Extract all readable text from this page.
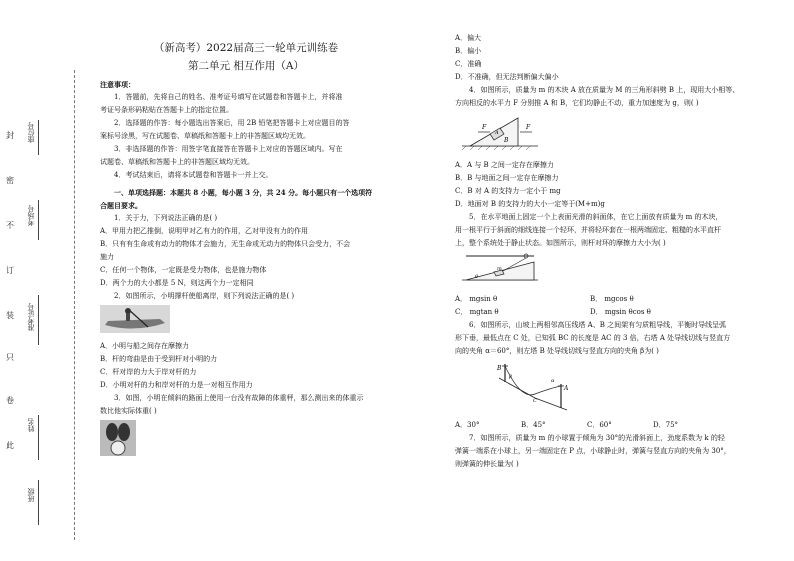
封
密
不
订
装
只
卷
此
班级
姓名
准考证号
考场号
座位号
（新高考）2022届高三一轮单元训练卷
第二单元 相互作用（A）

注意事项：

1．答题前，先将自己的姓名、准考证号填写在试题卷和答题卡上，并将准

考证号条形码粘贴在答题卡上的指定位置。

2．选择题的作答：每小题选出答案后，用 2B 铅笔把答题卡上对应题目的答

案标号涂黑，写在试题卷、草稿纸和答题卡上的非答题区域均无效。

3．非选择题的作答：用签字笔直接答在答题卡上对应的答题区域内。写在

试题卷、草稿纸和答题卡上的非答题区域均无效。

4．考试结束后，请将本试题卷和答题卡一并上交。

一、单项选择题：本题共 8 小题，每小题 3 分，共 24 分。每小题只有一个选项符

合题目要求。

1．关于力，下列说法正确的是( )

A．甲用力把乙推倒，说明甲对乙有力的作用，乙对甲没有力的作用

B．只有有生命或有动力的物体才会施力，无生命或无动力的物体只会受力，不会

施力

C．任何一个物体，一定既是受力物体，也是施力物体

D．两个力的大小都是 5 N，则这两个力一定相同

2．如图所示，小明撑杆使船离岸，则下列说法正确的是( )

A．小明与船之间存在摩擦力

B．杆的弯曲是由于受到杆对小明的力

C．杆对岸的力大于岸对杆的力

D．小明对杆的力和岸对杆的力是一对相互作用力

3．如图，小明在倾斜的路面上使用一台没有故障的体重秤，那么测出来的体重示

数比他实际体重( )

A．偏大

B．偏小

C．准确

D．不准确，但无法判断偏大偏小

4．如图所示，质量为 m 的木块 A 放在质量为 M 的三角形斜劈 B 上，现用大小相等、

方向相反的水平力 F 分别推 A 和 B，它们均静止不动，重力加速度为 g，则( )

F
A
B
F

A．A 与 B 之间一定存在摩擦力

B．B 与地面之间一定存在摩擦力

C．B 对 A 的支持力一定小于 mg

D．地面对 B 的支持力的大小一定等于(M+m)g

5．在水平地面上固定一个上表面光滑的斜面体，在它上面放有质量为 m 的木块，

用一根平行于斜面的细线连接一个轻环，并将轻环套在一根两端固定、粗糙的水平直杆

上，整个系统处于静止状态。如图所示，则杆对环的摩擦力大小为( )

m
θ
A． mgsin θ	B． mgcos θ
C． mgtan θ	D． mgsin θcos θ

6．如图所示，山坡上两相邻高压线塔 A、B 之间架有匀质粗导线，平衡时导线呈弧

形下垂，最低点在 C 处，已知弧 BC 的长度是 AC 的 3 倍，右塔 A 处导线切线与竖直方

向的夹角 α＝60°，则左塔 B 处导线切线与竖直方向的夹角 β为( )

B
β
C
α
A
A．30°	B．45°	C．60°	D．75°

7．如图所示，质量为 m 的小球置于倾角为 30°的光滑斜面上，劲度系数为 k 的轻

弹簧一端系在小球上，另一端固定在 P 点，小球静止时，弹簧与竖直方向的夹角为 30°，

则弹簧的伸长量为( )
